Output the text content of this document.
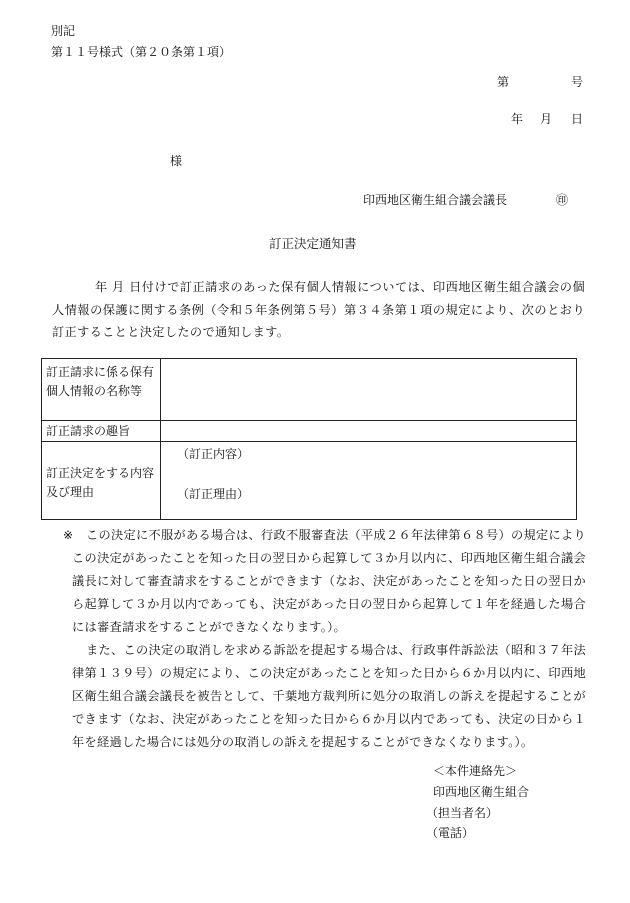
別記
第１１号様式（第２０条第１項）
第	号
年 月 日
様
印西地区衛生組合議会議長	㊞
訂正決定通知書
年 月 日付けで訂正請求のあった保有個人情報については、印西地区衛生組合議会の個人情報の保護に関する条例（令和５年条例第５号）第３４条第１項の規定により、次のとおり訂正することと決定したので通知します。
訂正請求に係る保有個人情報の名称等	
訂正請求の趣旨	
訂正決定をする内容及び理由	（訂正内容）
（訂正理由）
※	この決定に不服がある場合は、行政不服審査法（平成２６年法律第６８号）の規定によりこの決定があったことを知った日の翌日から起算して３か月以内に、印西地区衛生組合議会議長に対して審査請求をすることができます（なお、決定があったことを知った日の翌日から起算して３か月以内であっても、決定があった日の翌日から起算して１年を経過した場合には審査請求をすることができなくなります。）。
また、この決定の取消しを求める訴訟を提起する場合は、行政事件訴訟法（昭和３７年法律第１３９号）の規定により、この決定があったことを知った日から６か月以内に、印西地区衛生組合議会議長を被告として、千葉地方裁判所に処分の取消しの訴えを提起することができます（なお、決定があったことを知った日から６か月以内であっても、決定の日から１年を経過した場合には処分の取消しの訴えを提起することができなくなります。）。
＜本件連絡先＞
印西地区衛生組合
（担当者名）
（電話）
